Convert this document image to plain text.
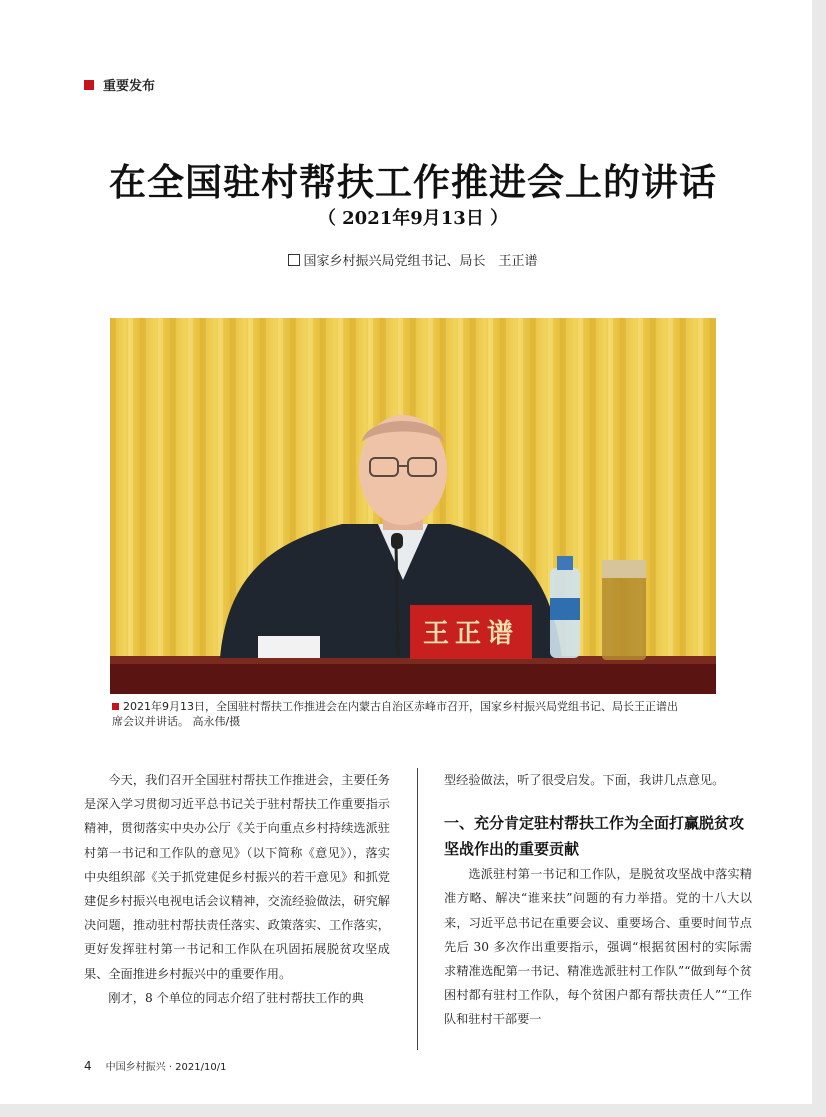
重要发布
在全国驻村帮扶工作推进会上的讲话
（ 2021年9月13日 ）
国家乡村振兴局党组书记、局长　王正谱
王正谱
2021年9月13日，全国驻村帮扶工作推进会在内蒙古自治区赤峰市召开，国家乡村振兴局党组书记、局长王正谱出
席会议并讲话。 高永伟/摄

今天，我们召开全国驻村帮扶工作推进会，主要任务是深入学习贯彻习近平总书记关于驻村帮扶工作重要指示精神，贯彻落实中央办公厅《关于向重点乡村持续选派驻村第一书记和工作队的意见》（以下简称《意见》），落实中央组织部《关于抓党建促乡村振兴的若干意见》和抓党建促乡村振兴电视电话会议精神，交流经验做法，研究解决问题，推动驻村帮扶责任落实、政策落实、工作落实，更好发挥驻村第一书记和工作队在巩固拓展脱贫攻坚成果、全面推进乡村振兴中的重要作用。

刚才，8 个单位的同志介绍了驻村帮扶工作的典

型经验做法，听了很受启发。下面，我讲几点意见。

一、充分肯定驻村帮扶工作为全面打赢脱贫攻坚战作出的重要贡献

选派驻村第一书记和工作队，是脱贫攻坚战中落实精准方略、解决“谁来扶”问题的有力举措。党的十八大以来，习近平总书记在重要会议、重要场合、重要时间节点先后 30 多次作出重要指示，强调“根据贫困村的实际需求精准选配第一书记、精准选派驻村工作队”“做到每个贫困村都有驻村工作队，每个贫困户都有帮扶责任人”“工作队和驻村干部要一

4 中国乡村振兴 · 2021/10/1
